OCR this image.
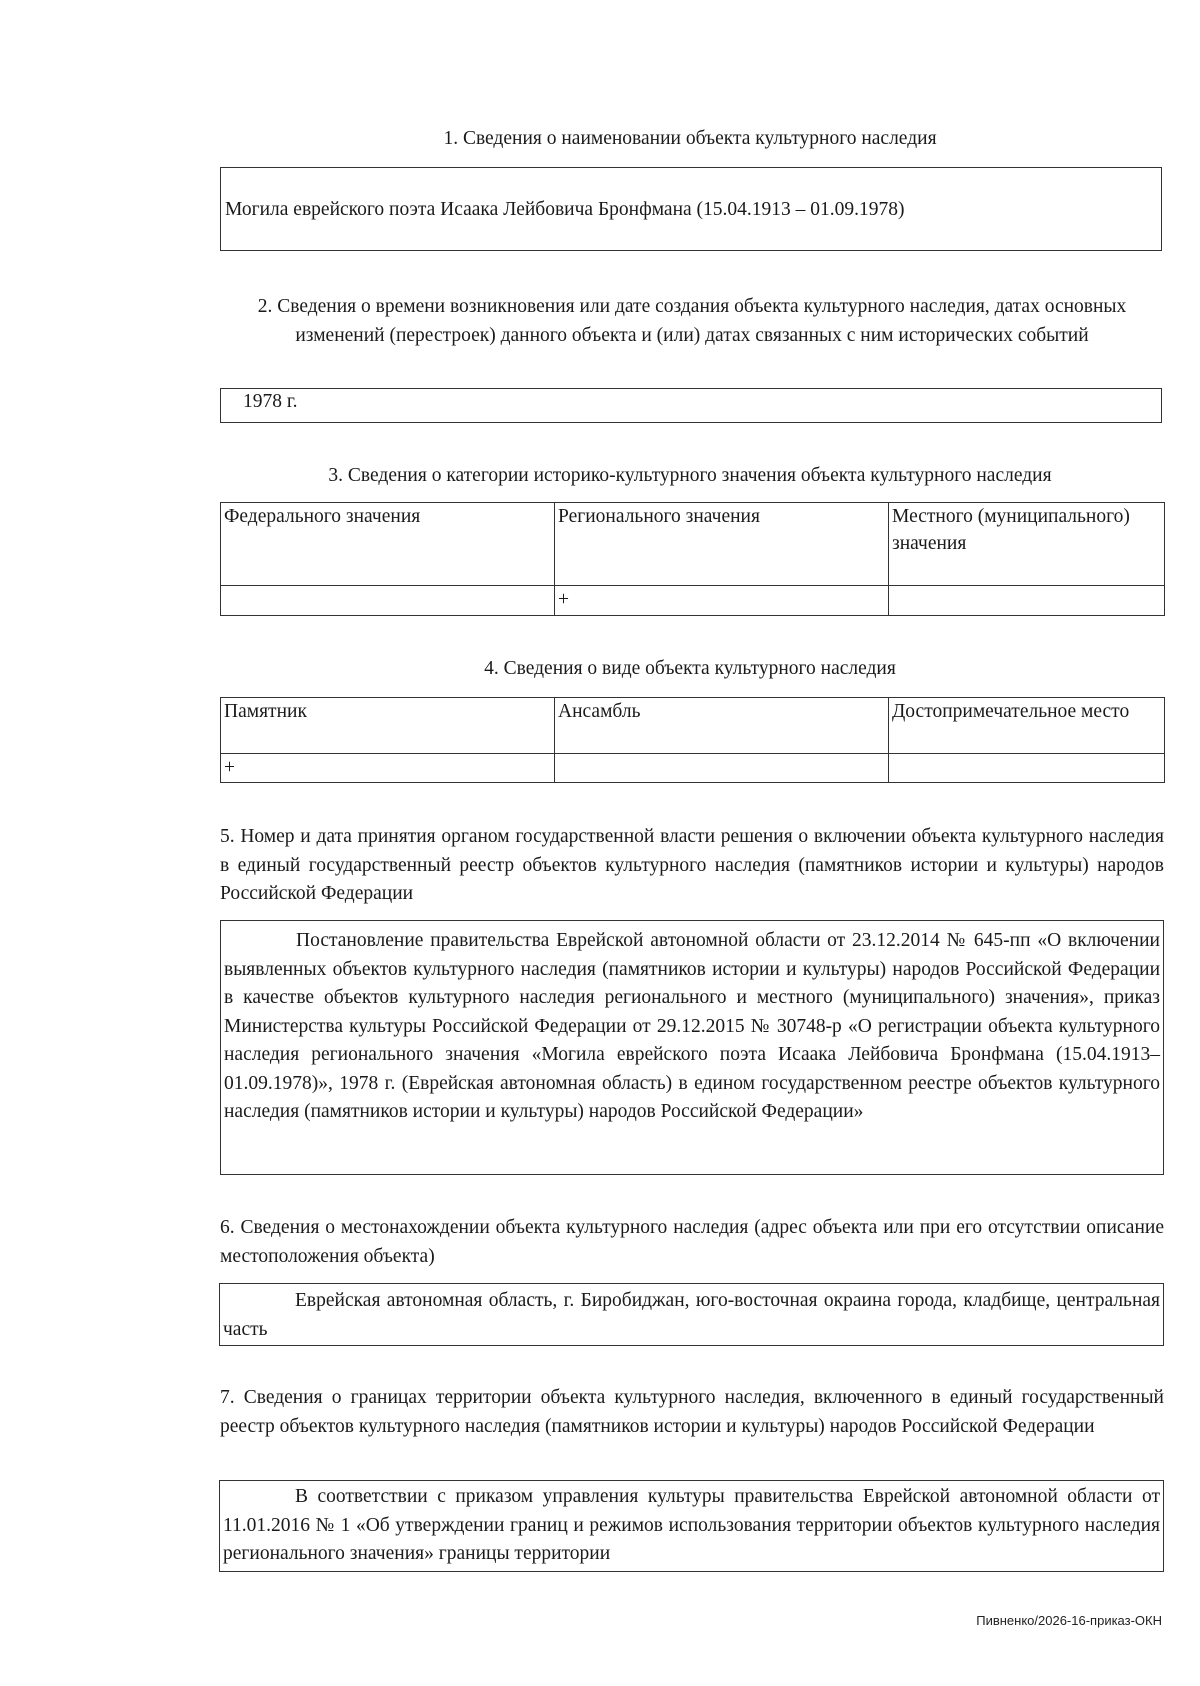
1. Сведения о наименовании объекта культурного наследия
Могила еврейского поэта Исаака Лейбовича Бронфмана (15.04.1913 – 01.09.1978)
2. Сведения о времени возникновения или дате создания объекта культурного наследия, датах основных изменений (перестроек) данного объекта и (или) датах связанных с ним исторических событий
1978 г.
3. Сведения о категории историко-культурного значения объекта культурного наследия
Федерального значения	Регионального значения	Местного (муниципального) значения
	+	
4. Сведения о виде объекта культурного наследия
Памятник	Ансамбль	Достопримечательное место
+		
5. Номер и дата принятия органом государственной власти решения о включении объекта культурного наследия в единый государственный реестр объектов культурного наследия (памятников истории и культуры) народов Российской Федерации
Постановление правительства Еврейской автономной области от 23.12.2014 № 645-пп «О включении выявленных объектов культурного наследия (памятников истории и культуры) народов Российской Федерации в качестве объектов культурного наследия регионального и местного (муниципального) значения», приказ Министерства культуры Российской Федерации от 29.12.2015 № 30748-р «О регистрации объекта культурного наследия регионального значения «Могила еврейского поэта Исаака Лейбовича Бронфмана (15.04.1913–01.09.1978)», 1978 г. (Еврейская автономная область) в едином государственном реестре объектов культурного наследия (памятников истории и культуры) народов Российской Федерации»
6. Сведения о местонахождении объекта культурного наследия (адрес объекта или при его отсутствии описание местоположения объекта)
Еврейская автономная область, г. Биробиджан, юго-восточная окраина города, кладбище, центральная часть
7. Сведения о границах территории объекта культурного наследия, включенного в единый государственный реестр объектов культурного наследия (памятников истории и культуры) народов Российской Федерации
В соответствии с приказом управления культуры правительства Еврейской автономной области от 11.01.2016 № 1 «Об утверждении границ и режимов использования территории объектов культурного наследия регионального значения» границы территории
Пивненко/2026-16-приказ-ОКН
